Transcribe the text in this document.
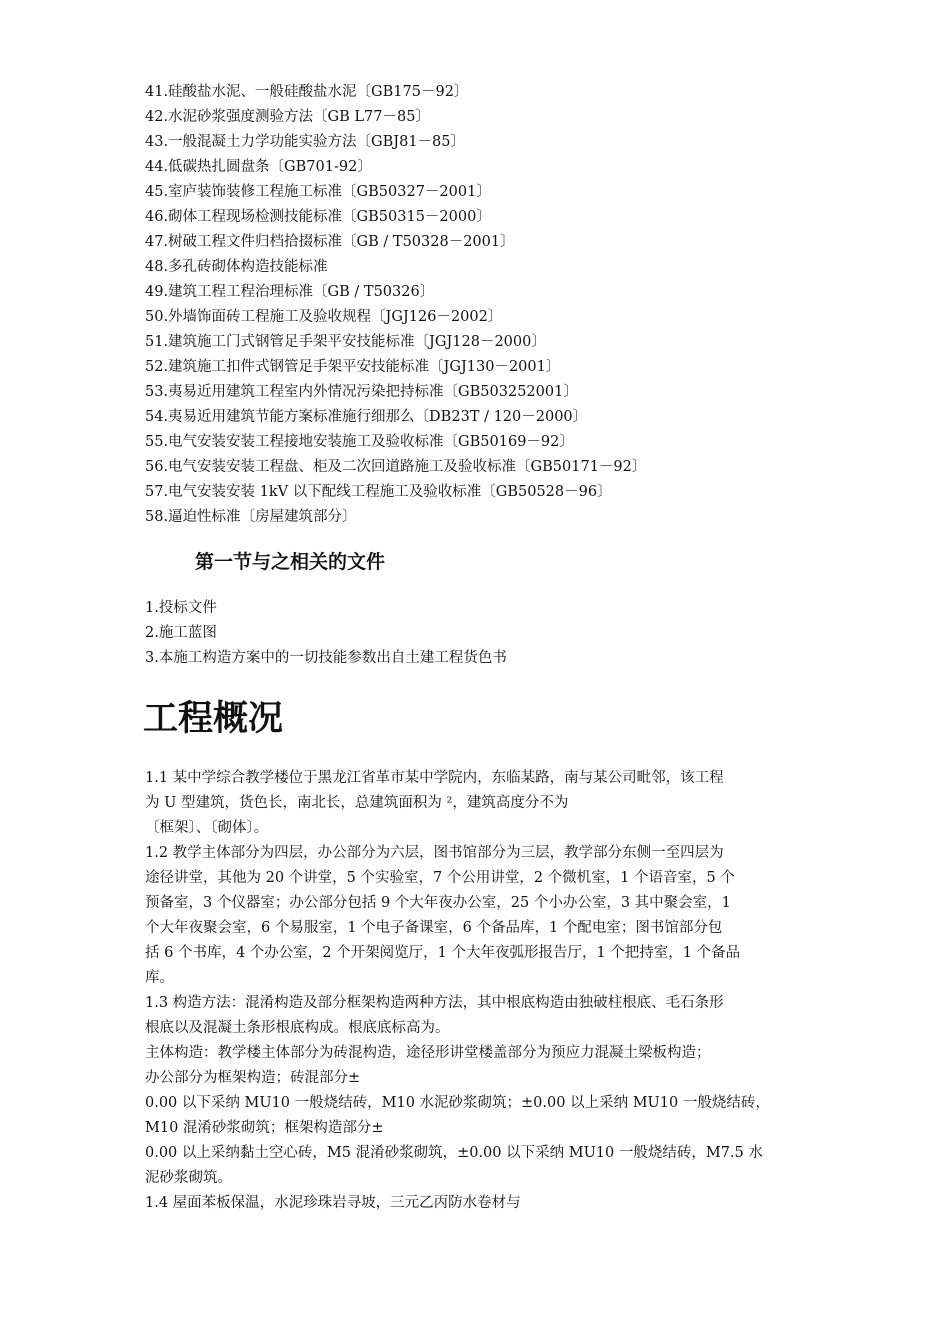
41.硅酸盐水泥、一般硅酸盐水泥〔GB175－92〕
42.水泥砂浆强度测验方法〔GB L77－85〕
43.一般混凝土力学功能实验方法〔GBJ81－85〕
44.低碳热扎圆盘条〔GB701-92〕
45.室庐装饰装修工程施工标准〔GB50327－2001〕
46.砌体工程现场检测技能标准〔GB50315－2000〕
47.树破工程文件归档拾掇标准〔GB / T50328－2001〕
48.多孔砖砌体构造技能标准
49.建筑工程工程治理标准〔GB / T50326〕
50.外墙饰面砖工程施工及验收规程〔JGJ126－2002〕
51.建筑施工门式钢管足手架平安技能标准〔JGJ128－2000〕
52.建筑施工扣件式钢管足手架平安技能标准〔JGJ130－2001〕
53.夷易近用建筑工程室内外情况污染把持标准〔GB503252001〕
54.夷易近用建筑节能方案标准施行细那么〔DB23T / 120－2000〕
55.电气安装安装工程接地安装施工及验收标准〔GB50169－92〕
56.电气安装安装工程盘、柜及二次回道路施工及验收标准〔GB50171－92〕
57.电气安装安装 1kV 以下配线工程施工及验收标准〔GB50528－96〕
58.逼迫性标准〔房屋建筑部分〕
第一节与之相关的文件
1.投标文件
2.施工蓝图
3.本施工构造方案中的一切技能参数出自土建工程货色书
工程概况
1.1 某中学综合教学楼位于黑龙江省革市某中学院内，东临某路，南与某公司毗邻，该工程
为 U 型建筑，货色长，南北长，总建筑面积为 ²，建筑高度分不为
〔框架〕、〔砌体〕。
1.2 教学主体部分为四层，办公部分为六层，图书馆部分为三层，教学部分东侧一至四层为
途径讲堂，其他为 20 个讲堂，5 个实验室，7 个公用讲堂，2 个微机室，1 个语音室，5 个
预备室，3 个仪器室；办公部分包括 9 个大年夜办公室，25 个小办公室，3 其中聚会室，1
个大年夜聚会室，6 个易服室，1 个电子备课室，6 个备品库，1 个配电室；图书馆部分包
括 6 个书库，4 个办公室，2 个开架阅览厅，1 个大年夜弧形报告厅，1 个把持室，1 个备品
库。
1.3 构造方法：混淆构造及部分框架构造两种方法，其中根底构造由独破柱根底、毛石条形
根底以及混凝土条形根底构成。根底底标高为。
主体构造：教学楼主体部分为砖混构造，途径形讲堂楼盖部分为预应力混凝土梁板构造；
办公部分为框架构造；砖混部分±
0.00 以下采纳 MU10 一般烧结砖，M10 水泥砂浆砌筑；±0.00 以上采纳 MU10 一般烧结砖，
M10 混淆砂浆砌筑；框架构造部分±
0.00 以上采纳黏土空心砖，M5 混淆砂浆砌筑，±0.00 以下采纳 MU10 一般烧结砖，M7.5 水
泥砂浆砌筑。
1.4 屋面苯板保温，水泥珍珠岩寻坡，三元乙丙防水卷材与
